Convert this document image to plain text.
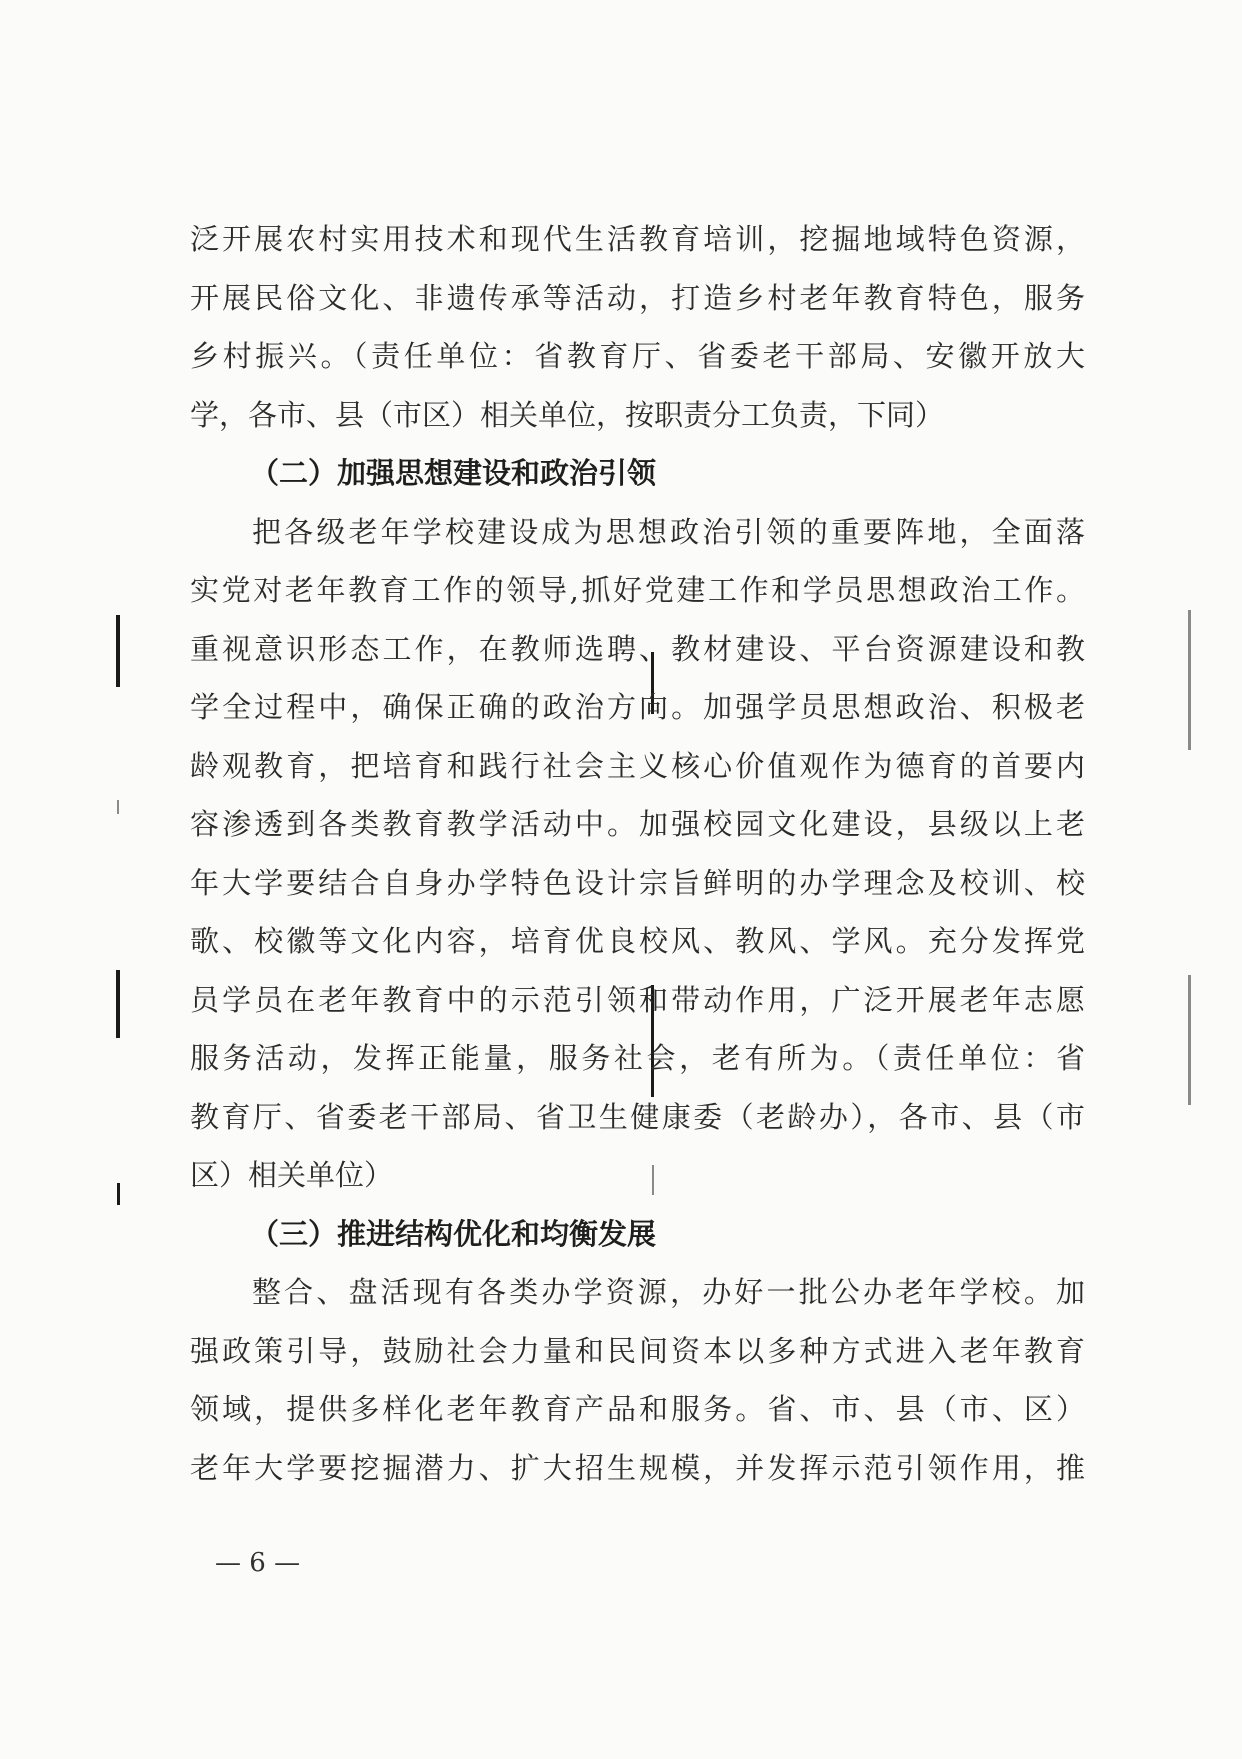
泛开展农村实用技术和现代生活教育培训，挖掘地域特色资源，
开展民俗文化、非遗传承等活动，打造乡村老年教育特色，服务
乡村振兴。（责任单位：省教育厅、省委老干部局、安徽开放大
学，各市、县（市区）相关单位，按职责分工负责，下同）
（二）加强思想建设和政治引领
把各级老年学校建设成为思想政治引领的重要阵地，全面落
实党对老年教育工作的领导,抓好党建工作和学员思想政治工作。
重视意识形态工作，在教师选聘、教材建设、平台资源建设和教
学全过程中，确保正确的政治方向。加强学员思想政治、积极老
龄观教育，把培育和践行社会主义核心价值观作为德育的首要内
容渗透到各类教育教学活动中。加强校园文化建设，县级以上老
年大学要结合自身办学特色设计宗旨鲜明的办学理念及校训、校
歌、校徽等文化内容，培育优良校风、教风、学风。充分发挥党
员学员在老年教育中的示范引领和带动作用，广泛开展老年志愿
服务活动，发挥正能量，服务社会，老有所为。（责任单位：省
教育厅、省委老干部局、省卫生健康委（老龄办），各市、县（市
区）相关单位）
（三）推进结构优化和均衡发展
整合、盘活现有各类办学资源，办好一批公办老年学校。加
强政策引导，鼓励社会力量和民间资本以多种方式进入老年教育
领域，提供多样化老年教育产品和服务。省、市、县（市、区）
老年大学要挖掘潜力、扩大招生规模，并发挥示范引领作用，推
— 6 —
